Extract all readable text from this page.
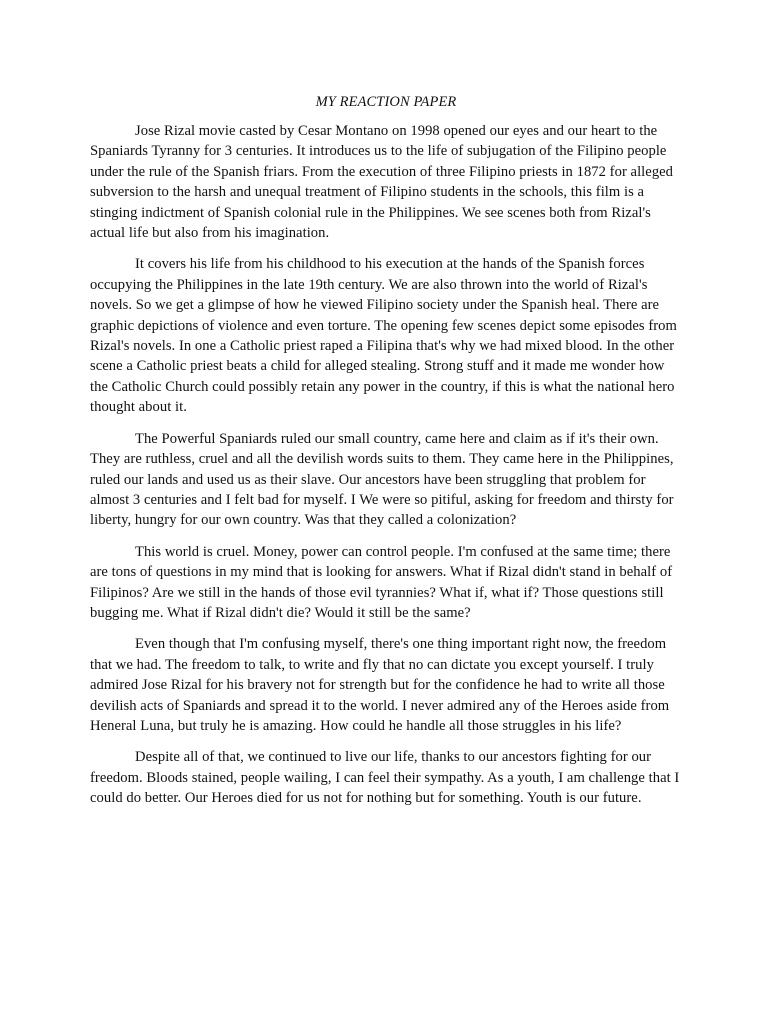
MY REACTION PAPER

Jose Rizal movie casted by Cesar Montano on 1998 opened our eyes and our heart to the Spaniards Tyranny for 3 centuries. It introduces us to the life of subjugation of the Filipino people under the rule of the Spanish friars. From the execution of three Filipino priests in 1872 for alleged subversion to the harsh and unequal treatment of Filipino students in the schools, this film is a stinging indictment of Spanish colonial rule in the Philippines. We see scenes both from Rizal's actual life but also from his imagination.

It covers his life from his childhood to his execution at the hands of the Spanish forces occupying the Philippines in the late 19th century. We are also thrown into the world of Rizal's novels. So we get a glimpse of how he viewed Filipino society under the Spanish heal. There are graphic depictions of violence and even torture. The opening few scenes depict some episodes from Rizal's novels. In one a Catholic priest raped a Filipina that's why we had mixed blood. In the other scene a Catholic priest beats a child for alleged stealing. Strong stuff and it made me wonder how the Catholic Church could possibly retain any power in the country, if this is what the national hero thought about it.

The Powerful Spaniards ruled our small country, came here and claim as if it's their own. They are ruthless, cruel and all the devilish words suits to them. They came here in the Philippines, ruled our lands and used us as their slave. Our ancestors have been struggling that problem for almost 3 centuries and I felt bad for myself. I We were so pitiful, asking for freedom and thirsty for liberty, hungry for our own country. Was that they called a colonization?

This world is cruel. Money, power can control people. I'm confused at the same time; there are tons of questions in my mind that is looking for answers. What if Rizal didn't stand in behalf of Filipinos? Are we still in the hands of those evil tyrannies? What if, what if? Those questions still bugging me. What if Rizal didn't die? Would it still be the same?

Even though that I'm confusing myself, there's one thing important right now, the freedom that we had. The freedom to talk, to write and fly that no can dictate you except yourself. I truly admired Jose Rizal for his bravery not for strength but for the confidence he had to write all those devilish acts of Spaniards and spread it to the world. I never admired any of the Heroes aside from Heneral Luna, but truly he is amazing. How could he handle all those struggles in his life?

Despite all of that, we continued to live our life, thanks to our ancestors fighting for our freedom. Bloods stained, people wailing, I can feel their sympathy. As a youth, I am challenge that I could do better. Our Heroes died for us not for nothing but for something. Youth is our future.
